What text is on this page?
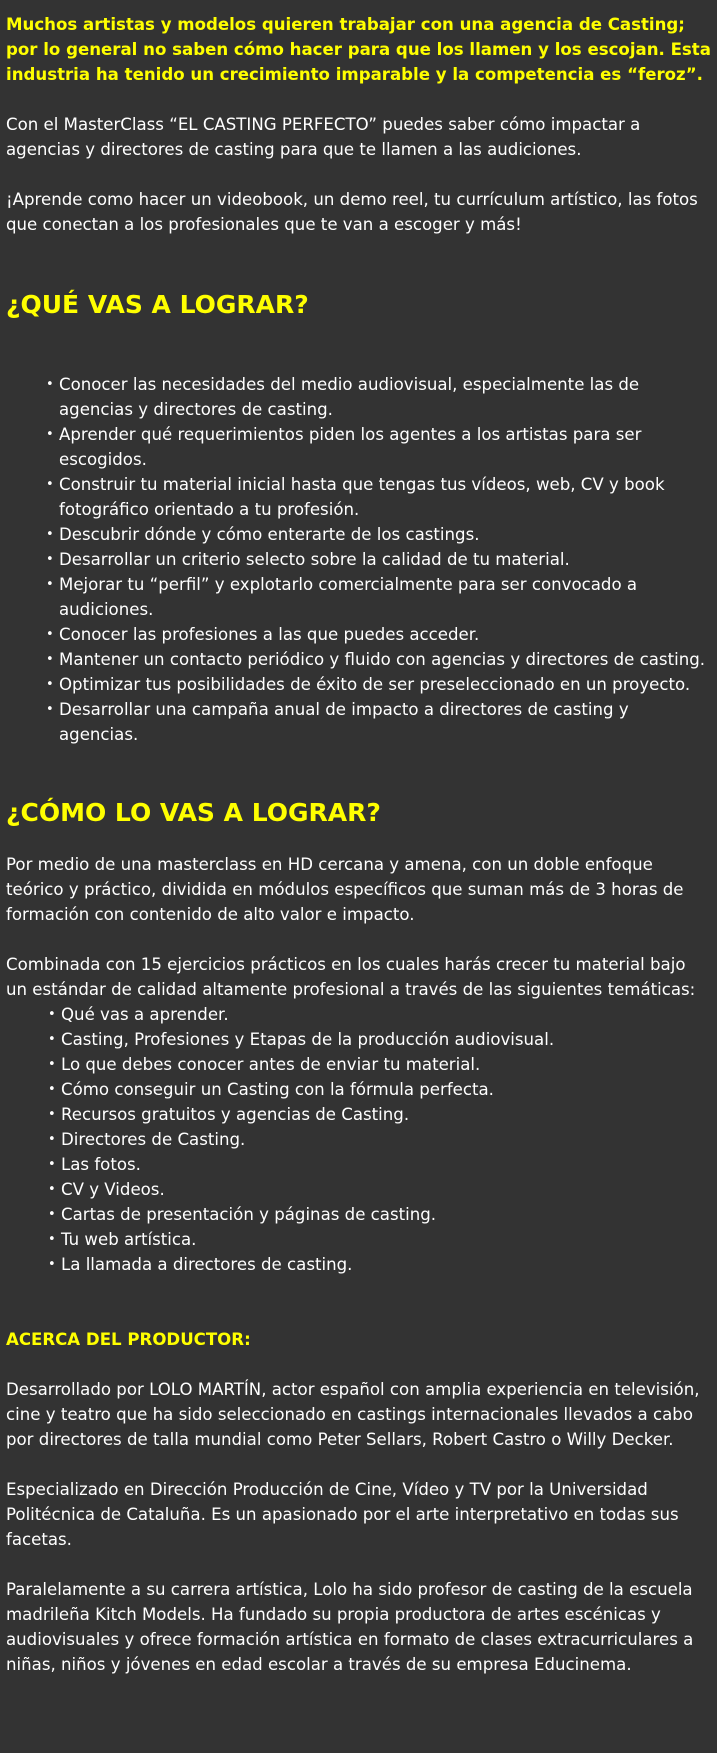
Muchos artistas y modelos quieren trabajar con una agencia de Casting; por lo general no saben cómo hacer para que los llamen y los escojan. Esta industria ha tenido un crecimiento imparable y la competencia es “feroz”.

Con el MasterClass “EL CASTING PERFECTO” puedes saber cómo impactar a agencias y directores de casting para que te llamen a las audiciones.

¡Aprende como hacer un videobook, un demo reel, tu currículum artístico, las fotos que conectan a los profesionales que te van a escoger y más!

¿QUÉ VAS A LOGRAR?
• Conocer las necesidades del medio audiovisual, especialmente las de agencias y directores de casting.
• Aprender qué requerimientos piden los agentes a los artistas para ser escogidos.
• Construir tu material inicial hasta que tengas tus vídeos, web, CV y book fotográfico orientado a tu profesión.
• Descubrir dónde y cómo enterarte de los castings.
• Desarrollar un criterio selecto sobre la calidad de tu material.
• Mejorar tu “perfil” y explotarlo comercialmente para ser convocado a audiciones.
• Conocer las profesiones a las que puedes acceder.
• Mantener un contacto periódico y fluido con agencias y directores de casting.
• Optimizar tus posibilidades de éxito de ser preseleccionado en un proyecto.
• Desarrollar una campaña anual de impacto a directores de casting y agencias.
¿CÓMO LO VAS A LOGRAR?

Por medio de una masterclass en HD cercana y amena, con un doble enfoque teórico y práctico, dividida en módulos específicos que suman más de 3 horas de formación con contenido de alto valor e impacto.

Combinada con 15 ejercicios prácticos en los cuales harás crecer tu material bajo un estándar de calidad altamente profesional a través de las siguientes temáticas:

• Qué vas a aprender.
• Casting, Profesiones y Etapas de la producción audiovisual.
• Lo que debes conocer antes de enviar tu material.
• Cómo conseguir un Casting con la fórmula perfecta.
• Recursos gratuitos y agencias de Casting.
• Directores de Casting.
• Las fotos.
• CV y Videos.
• Cartas de presentación y páginas de casting.
• Tu web artística.
• La llamada a directores de casting.
ACERCA DEL PRODUCTOR:

Desarrollado por LOLO MARTÍN, actor español con amplia experiencia en televisión, cine y teatro que ha sido seleccionado en castings internacionales llevados a cabo por directores de talla mundial como Peter Sellars, Robert Castro o Willy Decker.

Especializado en Dirección Producción de Cine, Vídeo y TV por la Universidad Politécnica de Cataluña. Es un apasionado por el arte interpretativo en todas sus facetas.

Paralelamente a su carrera artística, Lolo ha sido profesor de casting de la escuela madrileña Kitch Models. Ha fundado su propia productora de artes escénicas y audiovisuales y ofrece formación artística en formato de clases extracurriculares a niñas, niños y jóvenes en edad escolar a través de su empresa Educinema.
